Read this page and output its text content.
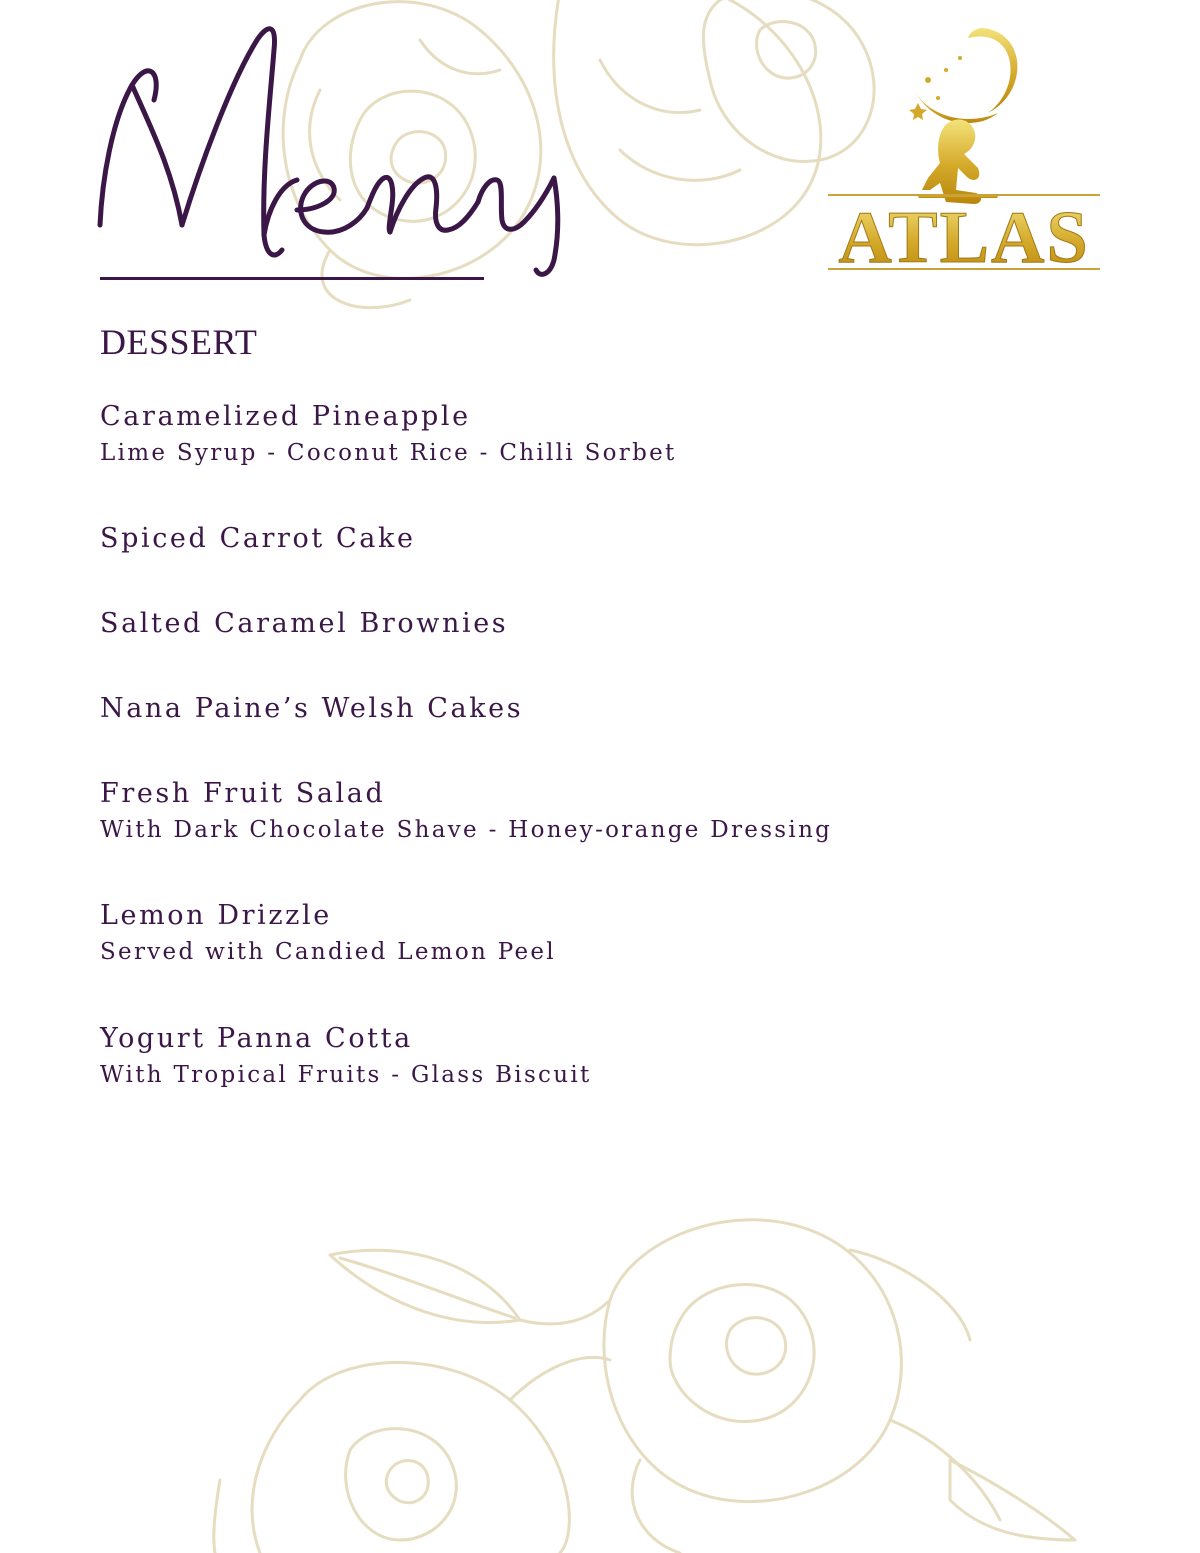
ATLAS
DESSERT
Caramelized Pineapple
Lime Syrup - Coconut Rice - Chilli Sorbet
Spiced Carrot Cake
Salted Caramel Brownies
Nana Paine’s Welsh Cakes
Fresh Fruit Salad
With Dark Chocolate Shave - Honey-orange Dressing
Lemon Drizzle
Served with Candied Lemon Peel
Yogurt Panna Cotta
With Tropical Fruits - Glass Biscuit
